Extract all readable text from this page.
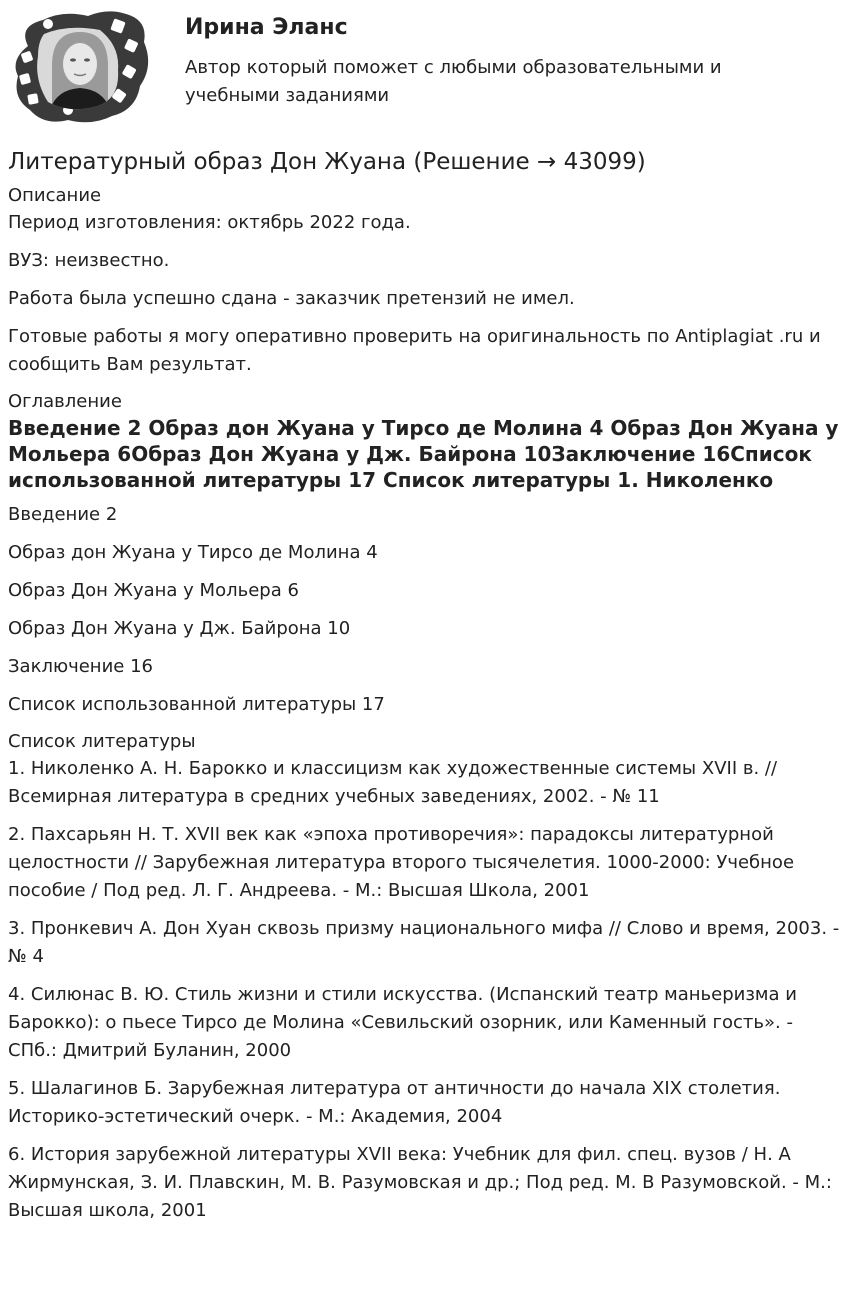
Ирина Эланс

Автор который поможет с любыми образовательными и учебными заданиями

Литературный образ Дон Жуана (Решение → 43099)
Описание

Период изготовления: октябрь 2022 года.

ВУЗ: неизвестно.

Работа была успешно сдана - заказчик претензий не имел.

Готовые работы я могу оперативно проверить на оригинальность по Antiplagiat .ru и сообщить Вам результат.

Оглавление

Введение 2 Образ дон Жуана у Тирсо де Молина 4 Образ Дон Жуана у Мольера 6Образ Дон Жуана у Дж. Байрона 10Заключение 16Список использованной литературы 17 Список литературы 1. Николенко

Введение 2

Образ дон Жуана у Тирсо де Молина 4

Образ Дон Жуана у Мольера 6

Образ Дон Жуана у Дж. Байрона 10

Заключение 16

Список использованной литературы 17

Список литературы

1. Николенко А. Н. Барокко и классицизм как художественные системы XVII в. // Всемирная литература в средних учебных заведениях, 2002. - № 11

2. Пахсарьян Н. Т. XVII век как «эпоха противоречия»: парадоксы литературной целостности // Зарубежная литература второго тысячелетия. 1000-2000: Учебное пособие / Под ред. Л. Г. Андреева. - М.: Высшая Школа, 2001

3. Пронкевич А. Дон Хуан сквозь призму национального мифа // Слово и время, 2003. - № 4

4. Силюнас В. Ю. Стиль жизни и стили искусства. (Испанский театр маньеризма и Барокко): о пьесе Тирсо де Молина «Севильский озорник, или Каменный гость». - СПб.: Дмитрий Буланин, 2000

5. Шалагинов Б. Зарубежная литература от античности до начала XIX столетия. Историко-эстетический очерк. - М.: Академия, 2004

6. История зарубежной литературы XVII века: Учебник для фил. спец. вузов / Н. А Жирмунская, З. И. Плавскин, М. В. Разумовская и др.; Под ред. М. В Разумовской. - М.: Высшая школа, 2001
